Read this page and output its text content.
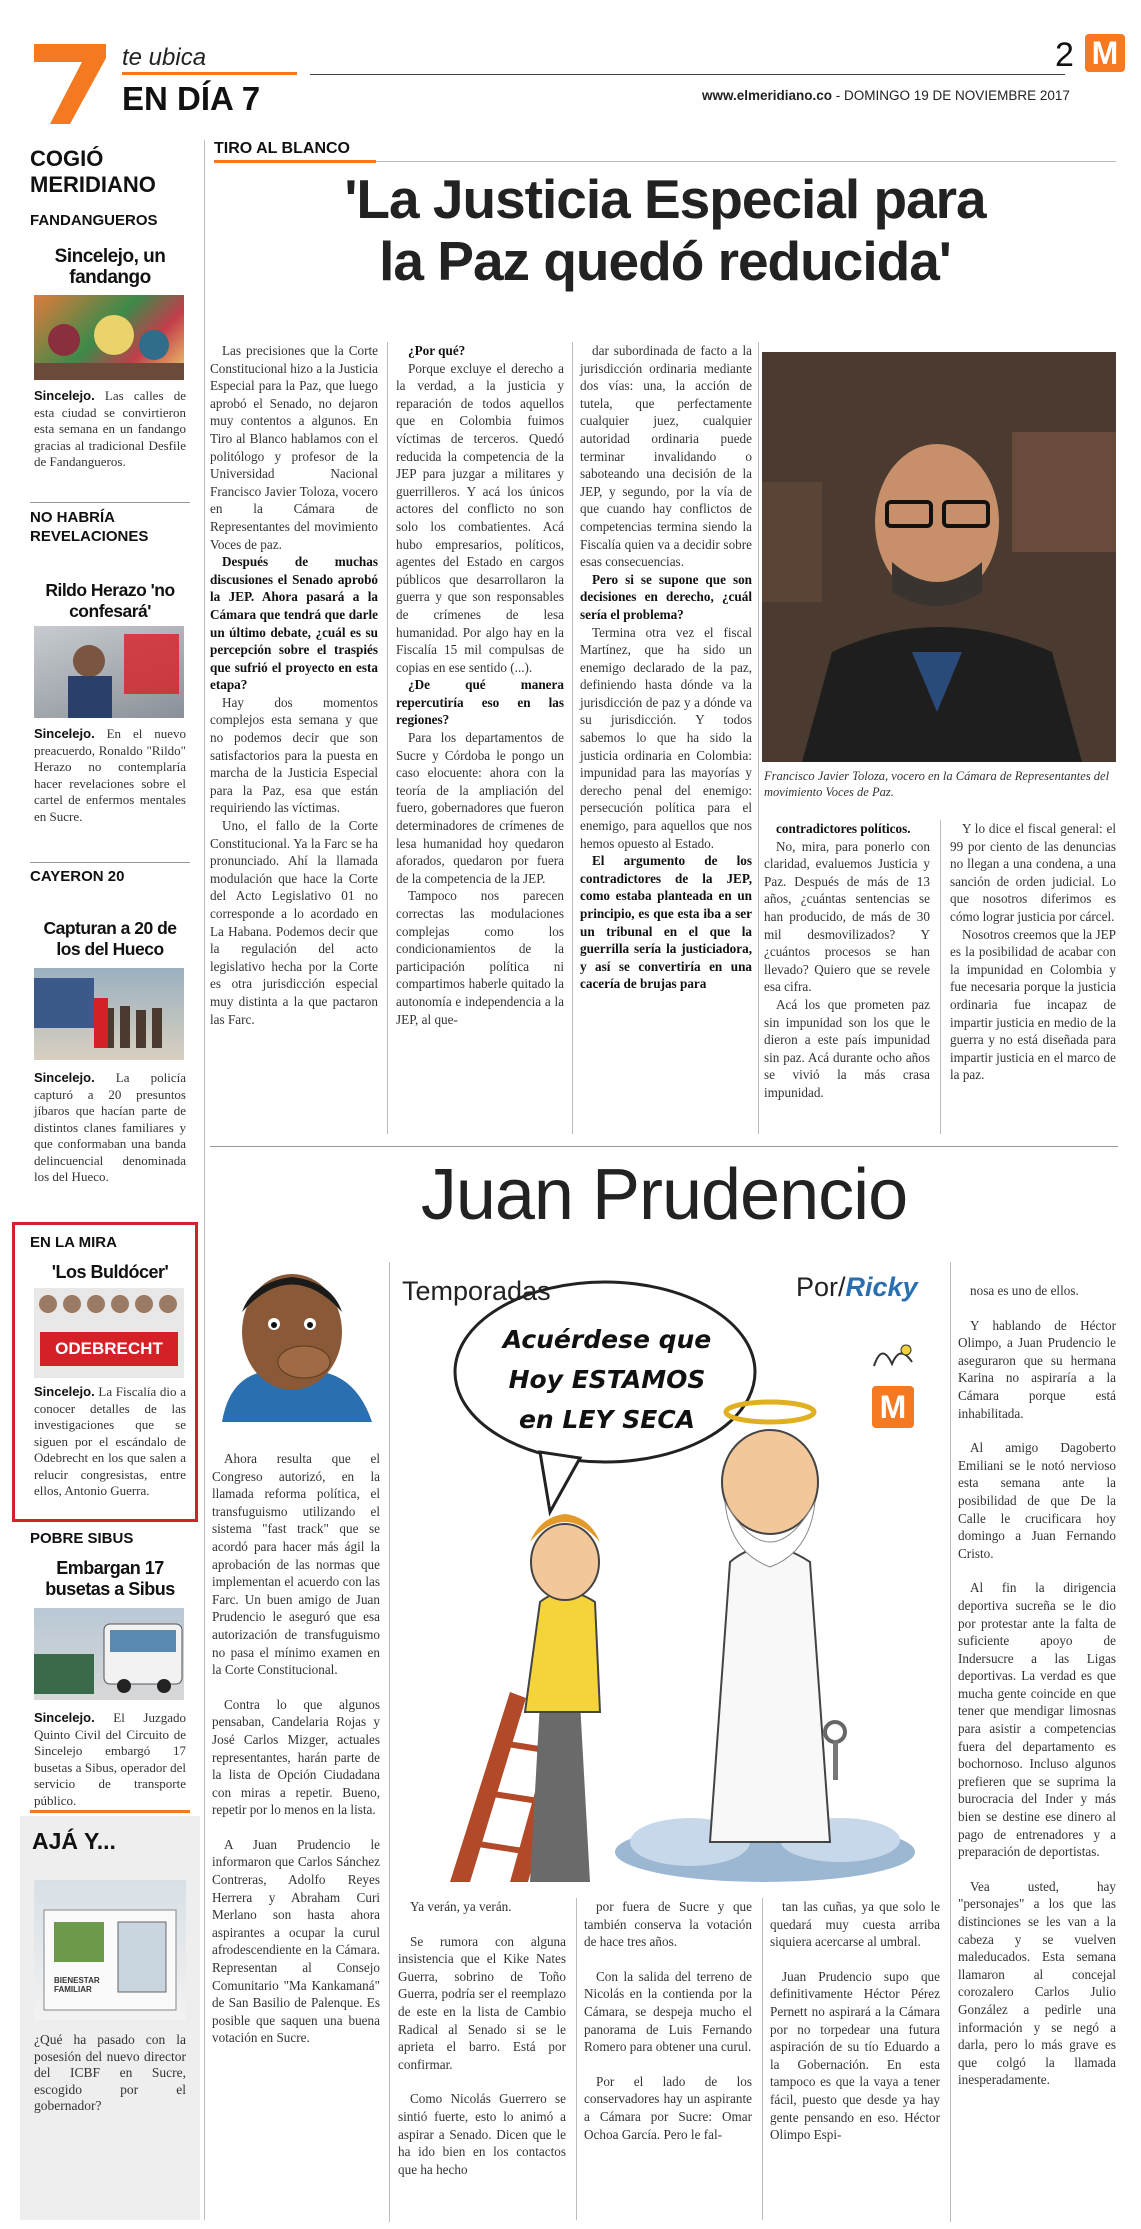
te ubica
EN DÍA 7
2 M
www.elmeridiano.co - DOMINGO 19 DE NOVIEMBRE 2017
COGIÓ MERIDIANO
FANDANGUEROS
Sincelejo, un fandango
Sincelejo. Las calles de esta ciudad se convirtieron esta semana en un fandango gracias al tradicional Desfile de Fandangueros.
NO HABRÍA REVELACIONES
Rildo Herazo 'no confesará'
Sincelejo. En el nuevo preacuerdo, Ronaldo "Rildo" Herazo no contemplaría hacer revelaciones sobre el cartel de enfermos mentales en Sucre.
CAYERON 20
Capturan a 20 de los del Hueco
Sincelejo. La policía capturó a 20 presuntos jíbaros que hacían parte de distintos clanes familiares y que conformaban una banda delincuencial denominada los del Hueco.
EN LA MIRA
'Los Buldócer'
ODEBRECHT
Sincelejo. La Fiscalía dio a conocer detalles de las investigaciones que se siguen por el escándalo de Odebrecht en los que salen a relucir congresistas, entre ellos, Antonio Guerra.
POBRE SIBUS
Embargan 17 busetas a Sibus
Sincelejo. El Juzgado Quinto Civil del Circuito de Sincelejo embargó 17 busetas a Sibus, operador del servicio de transporte público.
AJÁ Y...
BIENESTAR FAMILIAR
¿Qué ha pasado con la posesión del nuevo director del ICBF en Sucre, escogido por el gobernador?
TIRO AL BLANCO
'La Justicia Especial para
la Paz quedó reducida'

Las precisiones que la Corte Constitucional hizo a la Justicia Especial para la Paz, que luego aprobó el Senado, no dejaron muy contentos a algunos. En Tiro al Blanco hablamos con el politólogo y profesor de la Universidad Nacional Francisco Javier Toloza, vocero en la Cámara de Representantes del movimiento Voces de paz.

Después de muchas discusiones el Senado aprobó la JEP. Ahora pasará a la Cámara que tendrá que darle un último debate, ¿cuál es su percepción sobre el traspiés que sufrió el proyecto en esta etapa?

Hay dos momentos complejos esta semana y que no podemos decir que son satisfactorios para la puesta en marcha de la Justicia Especial para la Paz, esa que están requiriendo las víctimas.

Uno, el fallo de la Corte Constitucional. Ya la Farc se ha pronunciado. Ahí la llamada modulación que hace la Corte del Acto Legislativo 01 no corresponde a lo acordado en La Habana. Podemos decir que la regulación del acto legislativo hecha por la Corte es otra jurisdicción especial muy distinta a la que pactaron las Farc.

¿Por qué?

Porque excluye el derecho a la verdad, a la justicia y reparación de todos aquellos que en Colombia fuimos víctimas de terceros. Quedó reducida la competencia de la JEP para juzgar a militares y guerrilleros. Y acá los únicos actores del conflicto no son solo los combatientes. Acá hubo empresarios, políticos, agentes del Estado en cargos públicos que desarrollaron la guerra y que son responsables de crímenes de lesa humanidad. Por algo hay en la Fiscalía 15 mil compulsas de copias en ese sentido (...).

¿De qué manera repercutiría eso en las regiones?

Para los departamentos de Sucre y Córdoba le pongo un caso elocuente: ahora con la teoría de la ampliación del fuero, gobernadores que fueron determinadores de crímenes de lesa humanidad hoy quedaron aforados, quedaron por fuera de la competencia de la JEP.

Tampoco nos parecen correctas las modulaciones complejas como los condicionamientos de la participación política ni compartimos haberle quitado la autonomía e independencia a la JEP, al que-

dar subordinada de facto a la jurisdicción ordinaria mediante dos vías: una, la acción de tutela, que perfectamente cualquier juez, cualquier autoridad ordinaria puede terminar invalidando o saboteando una decisión de la JEP, y segundo, por la vía de que cuando hay conflictos de competencias termina siendo la Fiscalía quien va a decidir sobre esas consecuencias.

Pero si se supone que son decisiones en derecho, ¿cuál sería el problema?

Termina otra vez el fiscal Martínez, que ha sido un enemigo declarado de la paz, definiendo hasta dónde va la jurisdicción de paz y a dónde va su jurisdicción. Y todos sabemos lo que ha sido la justicia ordinaria en Colombia: impunidad para las mayorías y derecho penal del enemigo: persecución política para el enemigo, para aquellos que nos hemos opuesto al Estado.

El argumento de los contradictores de la JEP, como estaba planteada en un principio, es que esta iba a ser un tribunal en el que la guerrilla sería la justiciadora, y así se convertiría en una cacería de brujas para

Francisco Javier Toloza, vocero en la Cámara de Representantes del movimiento Voces de Paz.

contradictores políticos.

No, mira, para ponerlo con claridad, evaluemos Justicia y Paz. Después de más de 13 años, ¿cuántas sentencias se han producido, de más de 30 mil desmovilizados? Y ¿cuántos procesos se han llevado? Quiero que se revele esa cifra.

Acá los que prometen paz sin impunidad son los que le dieron a este país impunidad sin paz. Acá durante ocho años se vivió la más crasa impunidad.

Y lo dice el fiscal general: el 99 por ciento de las denuncias no llegan a una condena, a una sanción de orden judicial. Lo que nosotros diferimos es cómo lograr justicia por cárcel.

Nosotros creemos que la JEP es la posibilidad de acabar con la impunidad en Colombia y fue necesaria porque la justicia ordinaria fue incapaz de impartir justicia en medio de la guerra y no está diseñada para impartir justicia en el marco de la paz.

Juan Prudencio
Temporadas
Acuérdese que
Hoy ESTAMOS
en LEY SECA
Por/Ricky
M

Ahora resulta que el Congreso autorizó, en la llamada reforma política, el transfuguismo utilizando el sistema "fast track" que se acordó para hacer más ágil la aprobación de las normas que implementan el acuerdo con las Farc. Un buen amigo de Juan Prudencio le aseguró que esa autorización de transfuguismo no pasa el mínimo examen en la Corte Constitucional.

Contra lo que algunos pensaban, Candelaria Rojas y José Carlos Mizger, actuales representantes, harán parte de la lista de Opción Ciudadana con miras a repetir. Bueno, repetir por lo menos en la lista.

A Juan Prudencio le informaron que Carlos Sánchez Contreras, Adolfo Reyes Herrera y Abraham Curi Merlano son hasta ahora aspirantes a ocupar la curul afrodescendiente en la Cámara. Representan al Consejo Comunitario "Ma Kankamaná" de San Basilio de Palenque. Es posible que saquen una buena votación en Sucre.

nosa es uno de ellos.

Y hablando de Héctor Olimpo, a Juan Prudencio le aseguraron que su hermana Karina no aspiraría a la Cámara porque está inhabilitada.

Al amigo Dagoberto Emiliani se le notó nervioso esta semana ante la posibilidad de que De la Calle le crucificara hoy domingo a Juan Fernando Cristo.

Al fin la dirigencia deportiva sucreña se le dio por protestar ante la falta de suficiente apoyo de Indersucre a las Ligas deportivas. La verdad es que mucha gente coincide en que tener que mendigar limosnas para asistir a competencias fuera del departamento es bochornoso. Incluso algunos prefieren que se suprima la burocracia del Inder y más bien se destine ese dinero al pago de entrenadores y a preparación de deportistas.

Vea usted, hay "personajes" a los que las distinciones se les van a la cabeza y se vuelven maleducados. Esta semana llamaron al concejal corozalero Carlos Julio González a pedirle una información y se negó a darla, pero lo más grave es que colgó la llamada inesperadamente.

Ya verán, ya verán.

Se rumora con alguna insistencia que el Kike Nates Guerra, sobrino de Toño Guerra, podría ser el reemplazo de este en la lista de Cambio Radical al Senado si se le aprieta el barro. Está por confirmar.

Como Nicolás Guerrero se sintió fuerte, esto lo animó a aspirar a Senado. Dicen que le ha ido bien en los contactos que ha hecho

por fuera de Sucre y que también conserva la votación de hace tres años.

Con la salida del terreno de Nicolás en la contienda por la Cámara, se despeja mucho el panorama de Luis Fernando Romero para obtener una curul.

Por el lado de los conservadores hay un aspirante a Cámara por Sucre: Omar Ochoa García. Pero le fal-

tan las cuñas, ya que solo le quedará muy cuesta arriba siquiera acercarse al umbral.

Juan Prudencio supo que definitivamente Héctor Pérez Pernett no aspirará a la Cámara por no torpedear una futura aspiración de su tío Eduardo a la Gobernación. En esta tampoco es que la vaya a tener fácil, puesto que desde ya hay gente pensando en eso. Héctor Olimpo Espi-
